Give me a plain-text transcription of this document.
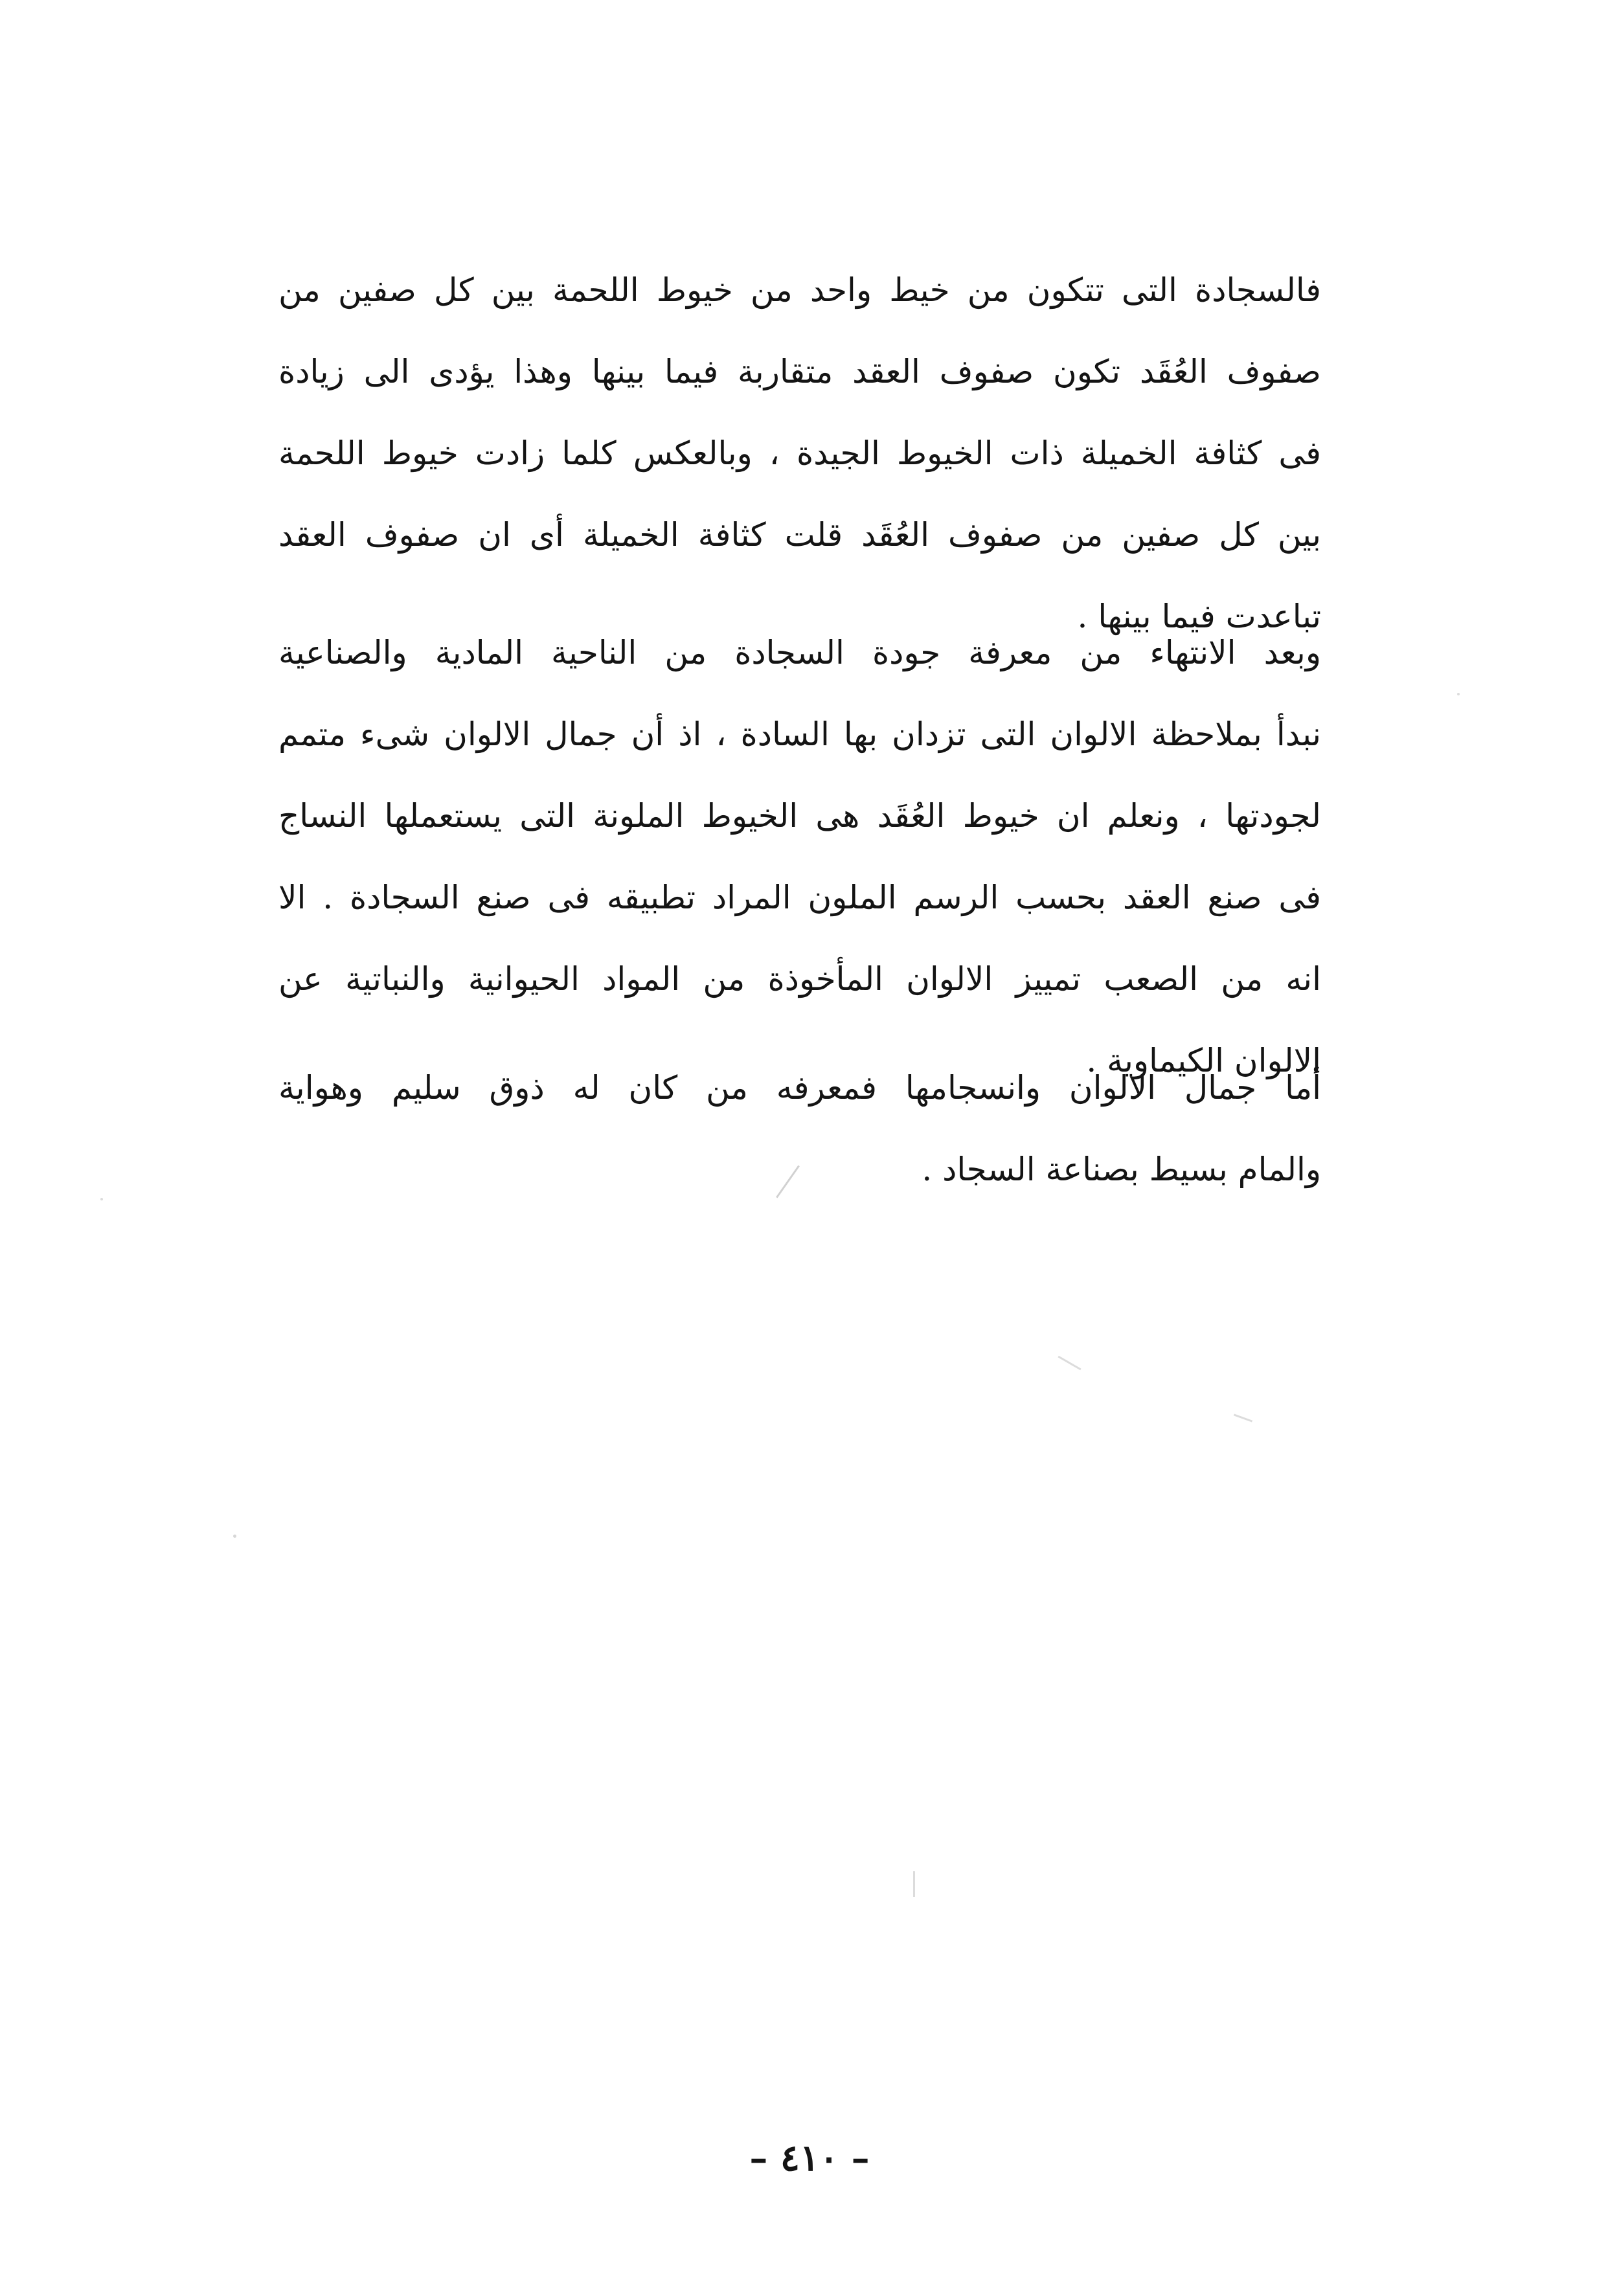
فالسجادة التى تتكون من خيط واحد من خيوط اللحمة بين كل صفين من
صفوف العُقَد تكون صفوف العقد متقاربة فيما بينها وهذا يؤدى الى زيادة
فى كثافة الخميلة ذات الخيوط الجيدة ، وبالعكس كلما زادت خيوط اللحمة
بين كل صفين من صفوف العُقَد قلت كثافة الخميلة أى ان صفوف العقد
تباعدت فيما بينها .
وبعد الانتهاء من معرفة جودة السجادة من الناحية المادية والصناعية
نبدأ بملاحظة الالوان التى تزدان بها السادة ، اذ أن جمال الالوان شىء متمم
لجودتها ، ونعلم ان خيوط العُقَد هى الخيوط الملونة التى يستعملها النساج
فى صنع العقد بحسب الرسم الملون المراد تطبيقه فى صنع السجادة . الا
انه من الصعب تمييز الالوان المأخوذة من المواد الحيوانية والنباتية عن
الالوان الكيماوية .
أما جمال الالوان وانسجامها فمعرفه من كان له ذوق سليم وهواية
والمام بسيط بصناعة السجاد .
– ٤١٠ –
